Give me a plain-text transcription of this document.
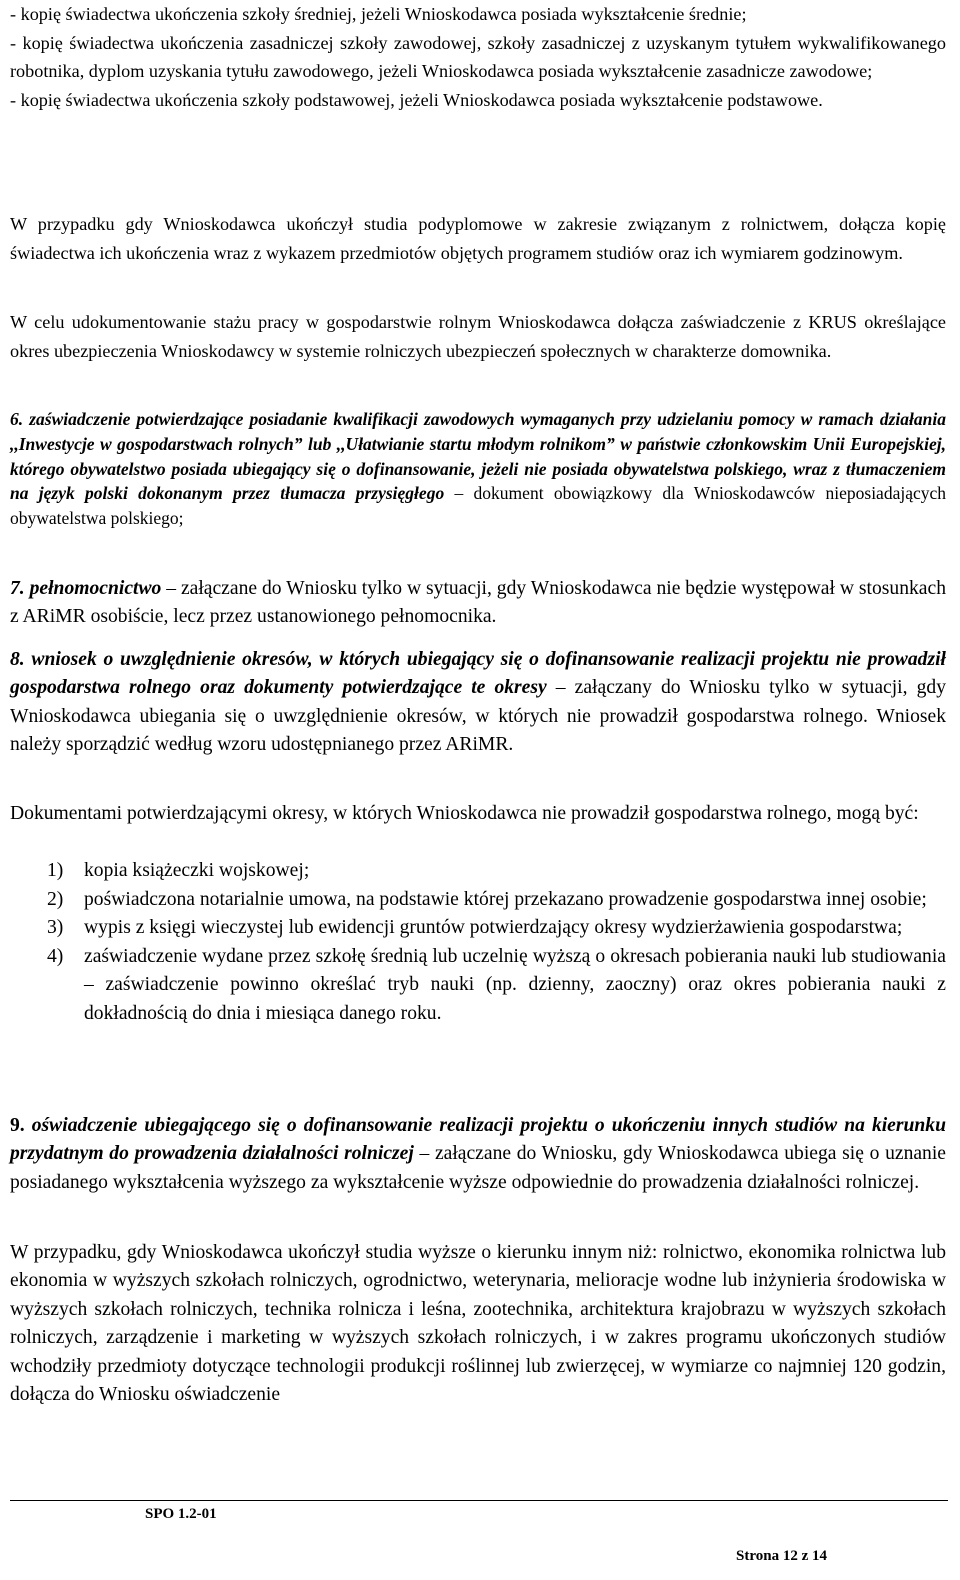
- kopię świadectwa ukończenia szkoły średniej, jeżeli Wnioskodawca posiada wykształcenie średnie;

- kopię świadectwa ukończenia zasadniczej szkoły zawodowej, szkoły zasadniczej z uzyskanym tytułem wykwalifikowanego robotnika, dyplom uzyskania tytułu zawodowego, jeżeli Wnioskodawca posiada wykształcenie zasadnicze zawodowe;

- kopię świadectwa ukończenia szkoły podstawowej, jeżeli Wnioskodawca posiada wykształcenie podstawowe.

W przypadku gdy Wnioskodawca ukończył studia podyplomowe w zakresie związanym z rolnictwem, dołącza kopię świadectwa ich ukończenia wraz z wykazem przedmiotów objętych programem studiów oraz ich wymiarem godzinowym.

W celu udokumentowanie stażu pracy w gospodarstwie rolnym Wnioskodawca dołącza zaświadczenie z KRUS określające okres ubezpieczenia Wnioskodawcy w systemie rolniczych ubezpieczeń społecznych w charakterze domownika.

6. zaświadczenie potwierdzające posiadanie kwalifikacji zawodowych wymaganych przy udzielaniu pomocy w ramach działania ,,Inwestycje w gospodarstwach rolnych” lub ,,Ułatwianie startu młodym rolnikom” w państwie członkowskim Unii Europejskiej, którego obywatelstwo posiada ubiegający się o dofinansowanie, jeżeli nie posiada obywatelstwa polskiego, wraz z tłumaczeniem na język polski dokonanym przez tłumacza przysięgłego – dokument obowiązkowy dla Wnioskodawców nieposiadających obywatelstwa polskiego;

7. pełnomocnictwo – załączane do Wniosku tylko w sytuacji, gdy Wnioskodawca nie będzie występował w stosunkach z ARiMR osobiście, lecz przez ustanowionego pełnomocnika.

8. wniosek o uwzględnienie okresów, w których ubiegający się o dofinansowanie realizacji projektu nie prowadził gospodarstwa rolnego oraz dokumenty potwierdzające te okresy – załączany do Wniosku tylko w sytuacji, gdy Wnioskodawca ubiegania się o uwzględnienie okresów, w których nie prowadził gospodarstwa rolnego. Wniosek należy sporządzić według wzoru udostępnianego przez ARiMR.

Dokumentami potwierdzającymi okresy, w których Wnioskodawca nie prowadził gospodarstwa rolnego, mogą być:

1) kopia książeczki wojskowej;
2) poświadczona notarialnie umowa, na podstawie której przekazano prowadzenie gospodarstwa innej osobie;
3) wypis z księgi wieczystej lub ewidencji gruntów potwierdzający okresy wydzierżawienia gospodarstwa;
4) zaświadczenie wydane przez szkołę średnią lub uczelnię wyższą o okresach pobierania nauki lub studiowania – zaświadczenie powinno określać tryb nauki (np. dzienny, zaoczny) oraz okres pobierania nauki z dokładnością do dnia i miesiąca danego roku.

9. oświadczenie ubiegającego się o dofinansowanie realizacji projektu o ukończeniu innych studiów na kierunku przydatnym do prowadzenia działalności rolniczej – załączane do Wniosku, gdy Wnioskodawca ubiega się o uznanie posiadanego wykształcenia wyższego za wykształcenie wyższe odpowiednie do prowadzenia działalności rolniczej.

W przypadku, gdy Wnioskodawca ukończył studia wyższe o kierunku innym niż: rolnictwo, ekonomika rolnictwa lub ekonomia w wyższych szkołach rolniczych, ogrodnictwo, weterynaria, melioracje wodne lub inżynieria środowiska w wyższych szkołach rolniczych, technika rolnicza i leśna, zootechnika, architektura krajobrazu w wyższych szkołach rolniczych, zarządzenie i marketing w wyższych szkołach rolniczych, i w zakres programu ukończonych studiów wchodziły przedmioty dotyczące technologii produkcji roślinnej lub zwierzęcej, w wymiarze co najmniej 120 godzin, dołącza do Wniosku oświadczenie

SPO 1.2-01
Strona 12 z 14
